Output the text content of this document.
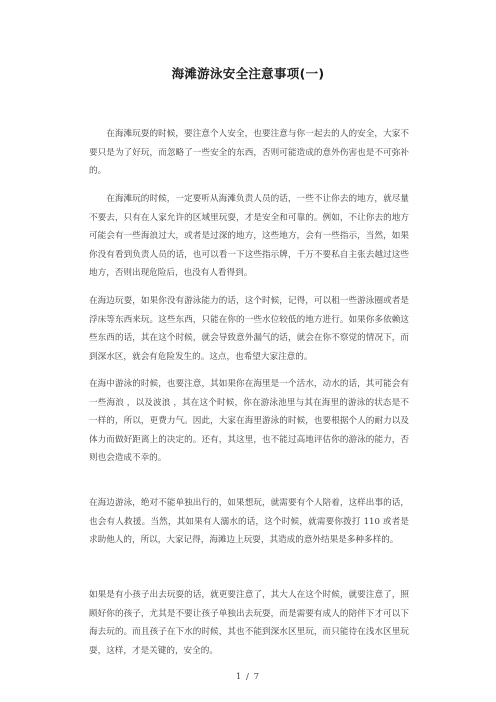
海滩游泳安全注意事项(一)

在海滩玩耍的时候，要注意个人安全，也要注意与你一起去的人的安全，大家不要只是为了好玩，而忽略了一些安全的东西，否则可能造成的意外伤害也是不可弥补的。

在海滩玩的时候，一定要听从海滩负责人员的话，一些不让你去的地方，就尽量不要去，只有在人家允许的区域里玩耍，才是安全和可靠的。例如，不让你去的地方可能会有一些海浪过大，或者是过深的地方，这些地方，会有一些指示，当然，如果你没有看到负责人员的话，也可以看一下这些指示牌，千万不要私自主张去越过这些地方，否则出现危险后，也没有人看得到。

在海边玩耍，如果你没有游泳能力的话，这个时候，记得，可以租一些游泳圈或者是浮床等东西来玩。这些东西，只能在你的一些水位较低的地方进行。如果你多依赖这些东西的话，其在这个时候，就会导致意外漏气的话，就会在你不察觉的情况下，而到深水区，就会有危险发生的。这点，也希望大家注意的。

在海中游泳的时候，也要注意，其如果你在海里是一个活水，动水的话，其可能会有一些海浪 ，以及波浪 ，其在这个时候，你在游泳池里与其在海里的游泳的状态是不一样的，所以，更费力气。因此，大家在海里游泳的时候，也要根据个人的耐力以及体力而做好距离上的决定的。还有，其这里，也不能过高地评估你的游泳的能力，否则也会造成不幸的。

在海边游泳，绝对不能单独出行的，如果想玩，就需要有个人陪着，这样出事的话，也会有人救援。当然，其如果有人溺水的话，这个时候，就需要你拨打 110 或者是求助他人的，所以，大家记得，海滩边上玩耍，其造成的意外结果是多种多样的。

如果是有小孩子出去玩耍的话，就更要注意了，其大人在这个时候，就要注意了，照顾好你的孩子，尤其是不要让孩子单独出去玩耍，而是需要有成人的陪伴下才可以下海去玩的。而且孩子在下水的时候，其也不能到深水区里玩，而只能待在浅水区里玩耍，这样，才是关键的，安全的。

1 / 7
